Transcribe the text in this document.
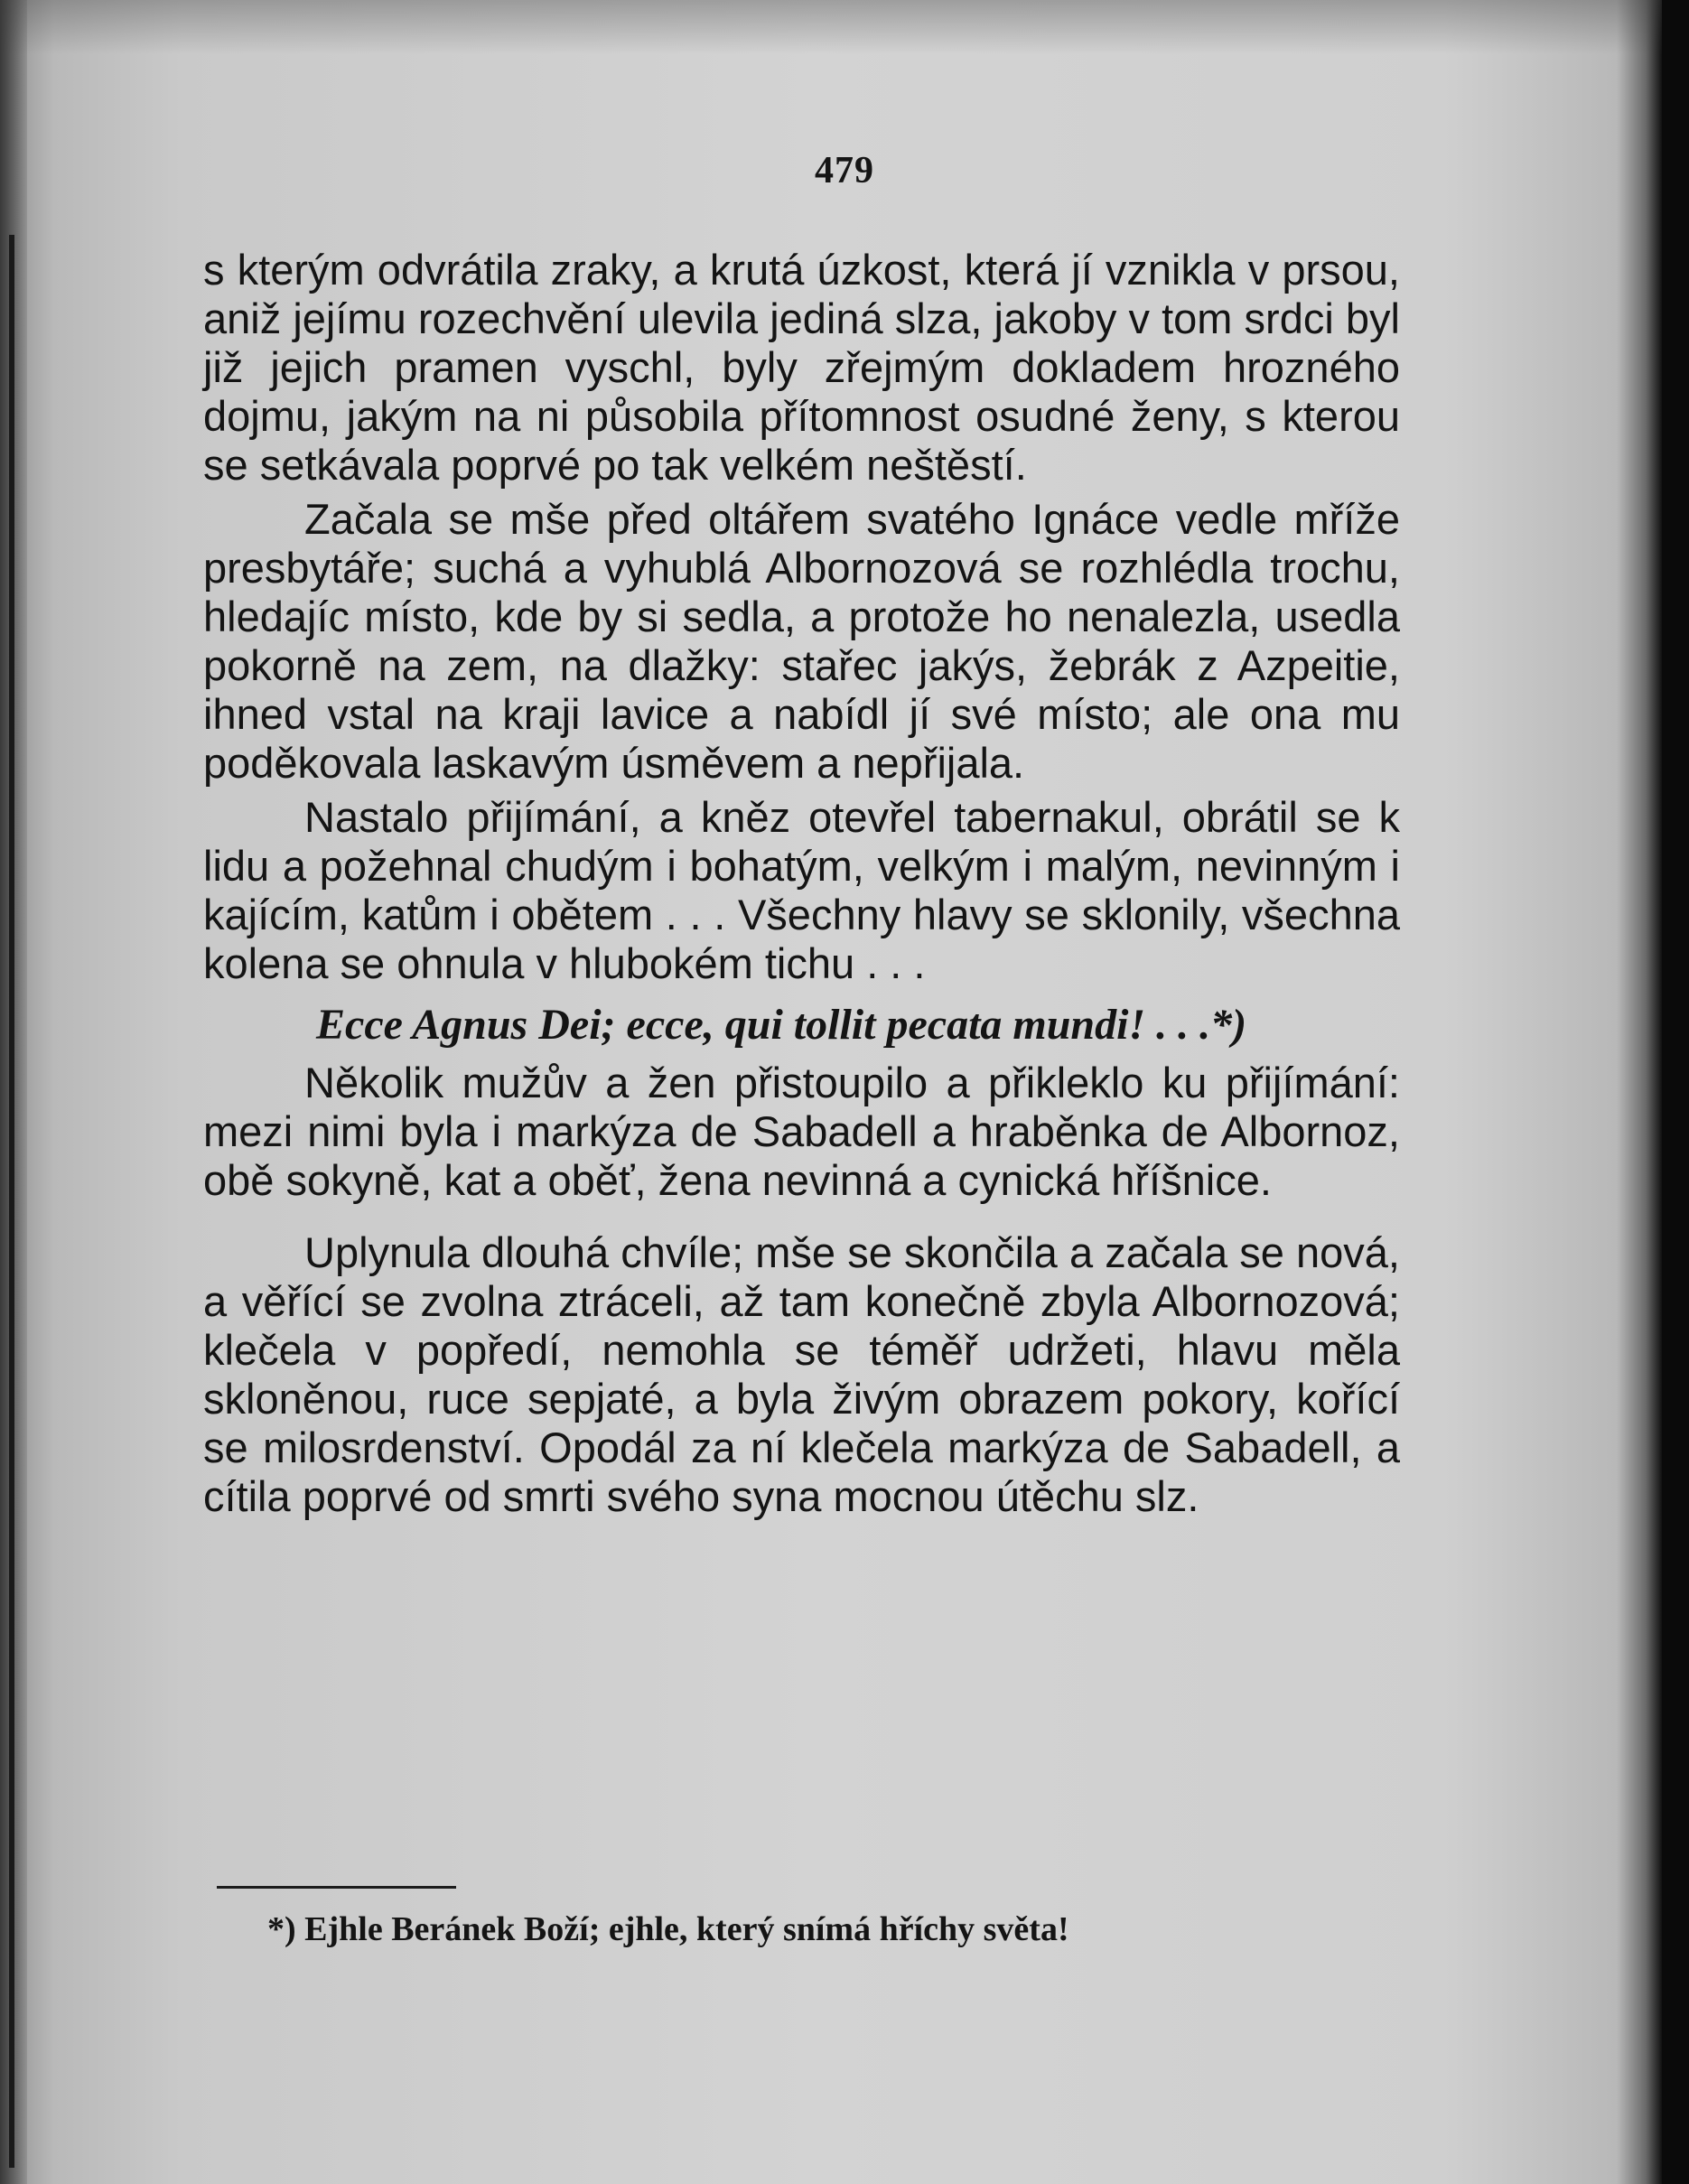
479

s kterým odvrátila zraky, a krutá úzkost, která jí vznikla v prsou, aniž jejímu rozechvění ulevila jediná slza, jakoby v tom srdci byl již jejich pramen vyschl, byly zřejmým dokladem hrozného dojmu, jakým na ni působila přítomnost osudné ženy, s kterou se setkávala poprvé po tak velkém neštěstí.

Začala se mše před oltářem svatého Ignáce vedle mříže presbytáře; suchá a vyhublá Albornozová se rozhlédla trochu, hledajíc místo, kde by si sedla, a protože ho nenalezla, usedla pokorně na zem, na dlažky: stařec jakýs, žebrák z Azpeitie, ihned vstal na kraji lavice a nabídl jí své místo; ale ona mu poděkovala laskavým úsměvem a nepřijala.

Nastalo přijímání, a kněz otevřel tabernakul, obrátil se k lidu a požehnal chudým i bohatým, velkým i malým, nevinným i kajícím, katům i obětem . . . Všechny hlavy se sklonily, všechna kolena se ohnula v hlubokém tichu . . .

Ecce Agnus Dei; ecce, qui tollit pecata mundi! . . .*)

Několik mužův a žen přistoupilo a přikleklo ku přijímání: mezi nimi byla i markýza de Sabadell a hraběnka de Albornoz, obě sokyně, kat a oběť, žena nevinná a cynická hříšnice.

Uplynula dlouhá chvíle; mše se skončila a začala se nová, a věřící se zvolna ztráceli, až tam konečně zbyla Albornozová; klečela v popředí, nemohla se téměř udržeti, hlavu měla skloněnou, ruce sepjaté, a byla živým obrazem pokory, kořící se milosrdenství. Opodál za ní klečela markýza de Sabadell, a cítila poprvé od smrti svého syna mocnou útěchu slz.

*) Ejhle Beránek Boží; ejhle, který snímá hříchy světa!
